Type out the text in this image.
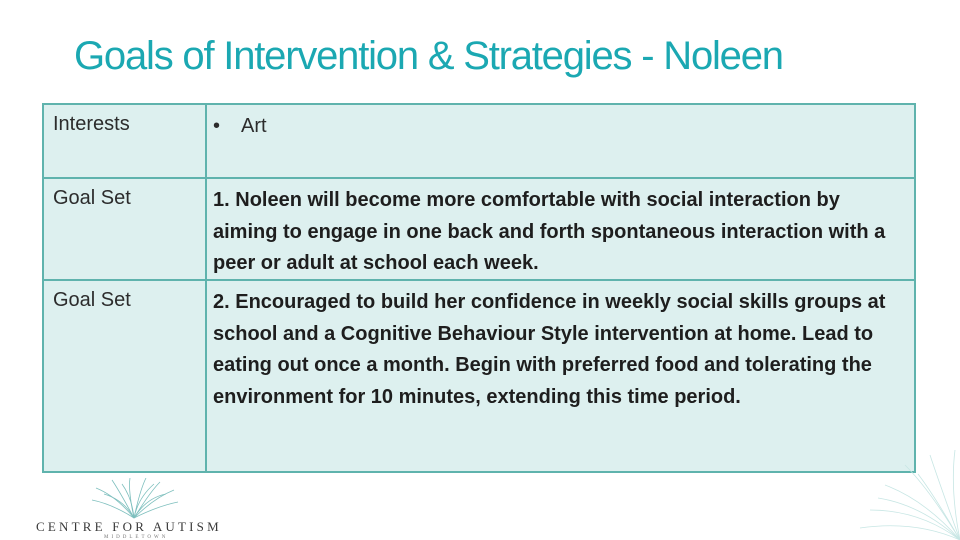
Goals of Intervention & Strategies - Noleen
Interests	• Art
Goal Set	1. Noleen will become more comfortable with social interaction by aiming to engage in one back and forth spontaneous interaction with a peer or adult at school each week.
Goal Set	2. Encouraged to build her confidence in weekly social skills groups at school and a Cognitive Behaviour Style intervention at home. Lead to eating out once a month. Begin with preferred food and tolerating the environment for 10 minutes, extending this time period.
CENTRE FOR AUTISM
MIDDLETOWN
